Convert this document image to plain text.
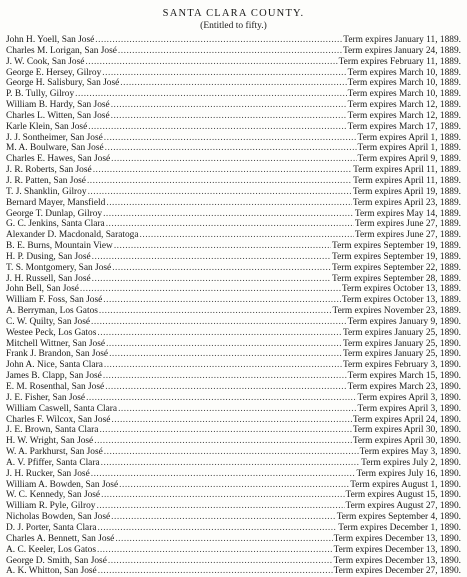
SANTA CLARA COUNTY.
(Entitled to fifty.)
John H. Yoell, San José .....	Term expires January 11, 1889.
Charles M. Lorigan, San José .....	Term expires January 24, 1889.
J. W. Cook, San José .....	Term expires February 11, 1889.
George E. Hersey, Gilroy .....	Term expires March 10, 1889.
George H. Salisbury, San José .....	Term expires March 10, 1889.
P. B. Tully, Gilroy .....	Term expires March 10, 1889.
William B. Hardy, San José .....	Term expires March 12, 1889.
Charles L. Witten, San José .....	Term expires March 12, 1889.
Karle Klein, San José .....	Term expires March 17, 1889.
J. J. Sontheimer, San José .....	Term expires April 1, 1889.
M. A. Boulware, San José .....	Term expires April 1, 1889.
Charles E. Hawes, San José .....	Term expires April 9, 1889.
J. R. Roberts, San José .....	Term expires April 11, 1889.
J. R. Patten, San José .....	Term expires April 11, 1889.
T. J. Shanklin, Gilroy .....	Term expires April 19, 1889.
Bernard Mayer, Mansfield .....	Term expires April 23, 1889.
George T. Dunlap, Gilroy .....	Term expires May 14, 1889.
G. C. Jenkins, Santa Clara .....	Term expires June 27, 1889.
Alexander D. Macdonald, Saratoga .....	Term expires June 27, 1889.
B. E. Burns, Mountain View .....	Term expires September 19, 1889.
H. P. Dusing, San José .....	Term expires September 19, 1889.
T. S. Montgomery, San José .....	Term expires September 22, 1889.
J. H. Russell, San José .....	Term expires September 28, 1889.
John Bell, San José .....	Term expires October 13, 1889.
William F. Foss, San José .....	Term expires October 13, 1889.
A. Berryman, Los Gatos .....	Term expires November 23, 1889.
C. W. Quilty, San José .....	Term expires January 9, 1890.
Westee Peck, Los Gatos .....	Term expires January 25, 1890.
Mitchell Wittner, San José .....	Term expires January 25, 1890.
Frank J. Brandon, San José .....	Term expires January 25, 1890.
John A. Nice, Santa Clara .....	Term expires February 3, 1890.
James B. Clapp, San José .....	Term expires March 15, 1890.
E. M. Rosenthal, San José .....	Term expires March 23, 1890.
J. E. Fisher, San José .....	Term expires April 3, 1890.
William Caswell, Santa Clara .....	Term expires April 3, 1890.
Charles F. Wilcox, San José .....	Term expires April 24, 1890.
J. E. Brown, Santa Clara .....	Term expires April 30, 1890.
H. W. Wright, San José .....	Term expires April 30, 1890.
W. A. Parkhurst, San José .....	Term expires May 3, 1890.
A. V. Pfiffer, Santa Clara .....	Term expires July 2, 1890.
J. H. Rucker, San José .....	Term expires July 16, 1890.
William A. Bowden, San José .....	Term expires August 1, 1890.
W. C. Kennedy, San José .....	Term expires August 15, 1890.
William R. Pyle, Gilroy .....	Term expires August 27, 1890.
Nicholas Bowden, San José .....	Term expires September 4, 1890.
D. J. Porter, Santa Clara .....	Term expires December 1, 1890.
Charles A. Bennett, San José .....	Term expires December 13, 1890.
A. C. Keeler, Los Gatos .....	Term expires December 13, 1890.
George D. Smith, San José .....	Term expires December 13, 1890.
A. K. Whitton, San José .....	Term expires December 27, 1890.
